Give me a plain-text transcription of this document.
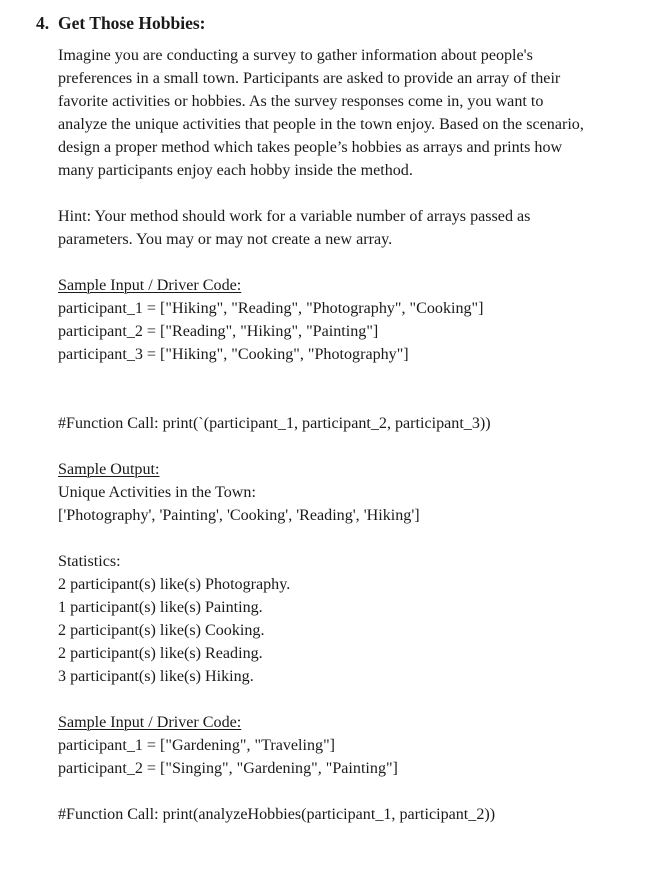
4. Get Those Hobbies:
Imagine you are conducting a survey to gather information about people's
preferences in a small town. Participants are asked to provide an array of their
favorite activities or hobbies. As the survey responses come in, you want to
analyze the unique activities that people in the town enjoy. Based on the scenario,
design a proper method which takes people’s hobbies as arrays and prints how
many participants enjoy each hobby inside the method.
Hint: Your method should work for a variable number of arrays passed as
parameters. You may or may not create a new array.
Sample Input / Driver Code:
participant_1 = ["Hiking", "Reading", "Photography", "Cooking"]
participant_2 = ["Reading", "Hiking", "Painting"]
participant_3 = ["Hiking", "Cooking", "Photography"]
#Function Call: print(`(participant_1, participant_2, participant_3))
Sample Output:
Unique Activities in the Town:
['Photography', 'Painting', 'Cooking', 'Reading', 'Hiking']
Statistics:
2 participant(s) like(s) Photography.
1 participant(s) like(s) Painting.
2 participant(s) like(s) Cooking.
2 participant(s) like(s) Reading.
3 participant(s) like(s) Hiking.
Sample Input / Driver Code:
participant_1 = ["Gardening", "Traveling"]
participant_2 = ["Singing", "Gardening", "Painting"]
#Function Call: print(analyzeHobbies(participant_1, participant_2))
